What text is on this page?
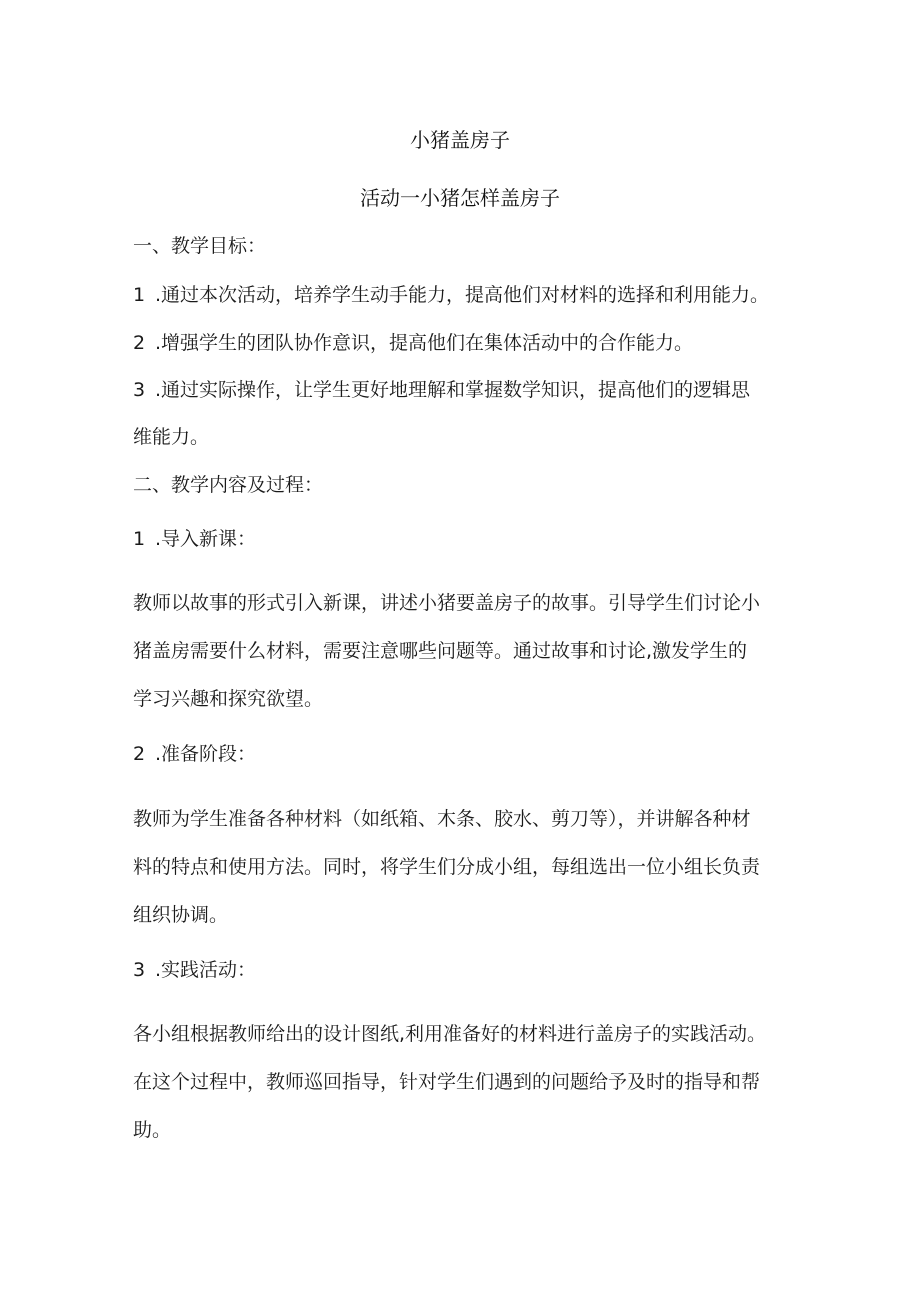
小猪盖房子
活动一小猪怎样盖房子
一、教学目标：
1 .通过本次活动，培养学生动手能力，提高他们对材料的选择和利用能力。
2 .增强学生的团队协作意识，提高他们在集体活动中的合作能力。
3 .通过实际操作，让学生更好地理解和掌握数学知识，提高他们的逻辑思
维能力。
二、教学内容及过程：
1 .导入新课：
教师以故事的形式引入新课，讲述小猪要盖房子的故事。引导学生们讨论小
猪盖房需要什么材料，需要注意哪些问题等。通过故事和讨论,激发学生的
学习兴趣和探究欲望。
2 .准备阶段：
教师为学生准备各种材料（如纸箱、木条、胶水、剪刀等），并讲解各种材
料的特点和使用方法。同时，将学生们分成小组，每组选出一位小组长负责
组织协调。
3 .实践活动：
各小组根据教师给出的设计图纸,利用准备好的材料进行盖房子的实践活动。
在这个过程中，教师巡回指导，针对学生们遇到的问题给予及时的指导和帮
助。
